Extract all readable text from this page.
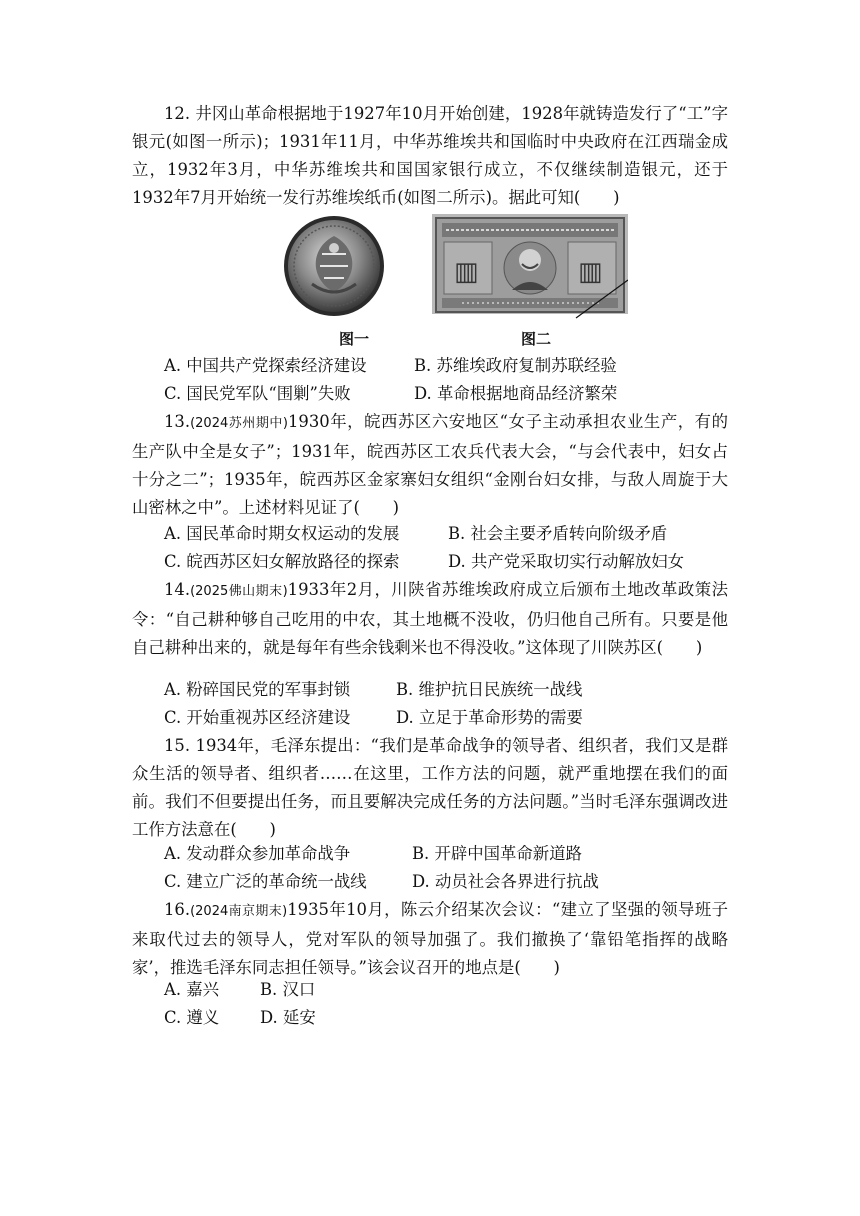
12. 井冈山革命根据地于1927年10月开始创建，1928年就铸造发行了“工”字银元(如图一所示)；1931年11月，中华苏维埃共和国临时中央政府在江西瑞金成立，1932年3月，中华苏维埃共和国国家银行成立，不仅继续制造银元，还于1932年7月开始统一发行苏维埃纸币(如图二所示)。据此可知(　　)

▥	▥
图一	图二
A. 中国共产党探索经济建设	B. 苏维埃政府复制苏联经验
C. 国民党军队“围剿”失败	D. 革命根据地商品经济繁荣

13.(2024苏州期中)1930年，皖西苏区六安地区“女子主动承担农业生产，有的生产队中全是女子”；1931年，皖西苏区工农兵代表大会，“与会代表中，妇女占十分之二”；1935年，皖西苏区金家寨妇女组织“金刚台妇女排，与敌人周旋于大山密林之中”。上述材料见证了(　　)

A. 国民革命时期女权运动的发展	B. 社会主要矛盾转向阶级矛盾
C. 皖西苏区妇女解放路径的探索	D. 共产党采取切实行动解放妇女

14.(2025佛山期末)1933年2月，川陕省苏维埃政府成立后颁布土地改革政策法令：“自己耕种够自己吃用的中农，其土地概不没收，仍归他自己所有。只要是他自己耕种出来的，就是每年有些余钱剩米也不得没收。”这体现了川陕苏区(　　)

A. 粉碎国民党的军事封锁	B. 维护抗日民族统一战线
C. 开始重视苏区经济建设	D. 立足于革命形势的需要

15. 1934年，毛泽东提出：“我们是革命战争的领导者、组织者，我们又是群众生活的领导者、组织者……在这里，工作方法的问题，就严重地摆在我们的面前。我们不但要提出任务，而且要解决完成任务的方法问题。”当时毛泽东强调改进工作方法意在(　　)

A. 发动群众参加革命战争	B. 开辟中国革命新道路
C. 建立广泛的革命统一战线	D. 动员社会各界进行抗战

16.(2024南京期末)1935年10月，陈云介绍某次会议：“建立了坚强的领导班子来取代过去的领导人，党对军队的领导加强了。我们撤换了‘靠铅笔指挥的战略家’，推选毛泽东同志担任领导。”该会议召开的地点是(　　)

A. 嘉兴 B. 汉口
C. 遵义 D. 延安
